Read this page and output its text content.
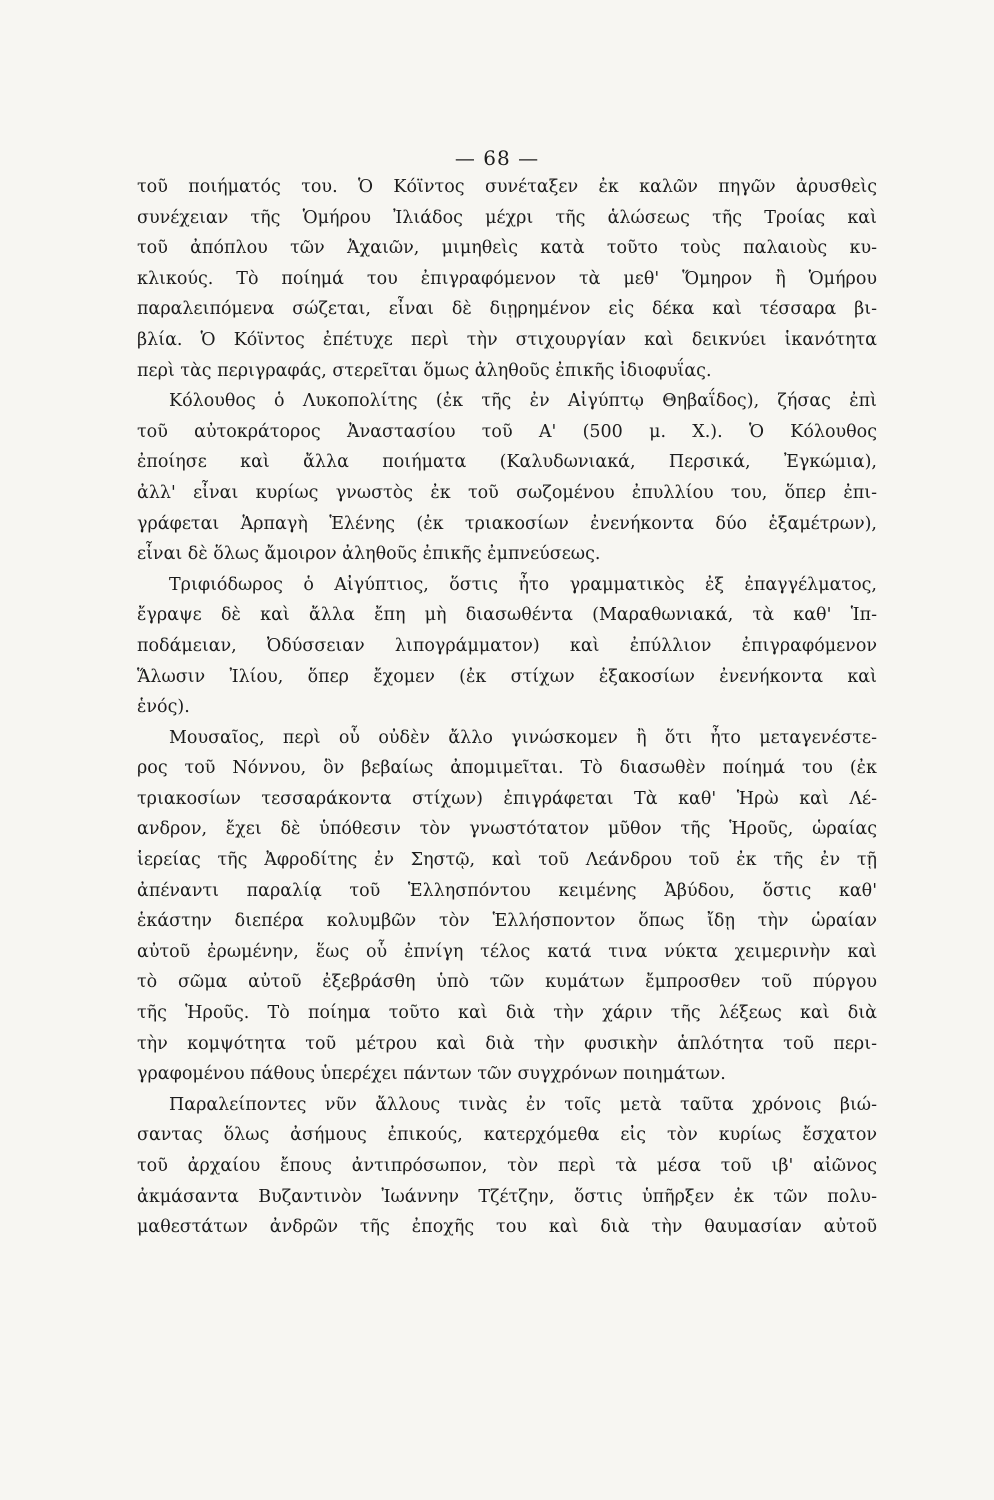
— 68 —
τοῦ ποιήματός του. Ὁ Κόϊντος συνέταξεν ἐκ καλῶν πηγῶν ἀρυσθεὶς
συνέχειαν τῆς Ὁμήρου Ἰλιάδος μέχρι τῆς ἁλώσεως τῆς Τροίας καὶ
τοῦ ἀπόπλου τῶν Ἀχαιῶν, μιμηθεὶς κατὰ τοῦτο τοὺς παλαιοὺς κυ-
κλικούς. Τὸ ποίημά του ἐπιγραφόμενον τὰ μεθ' Ὅμηρον ἢ Ὁμήρου
παραλειπόμενα σώζεται, εἶναι δὲ διῃρημένον εἰς δέκα καὶ τέσσαρα βι-
βλία. Ὁ Κόϊντος ἐπέτυχε περὶ τὴν στιχουργίαν καὶ δεικνύει ἱκανότητα
περὶ τὰς περιγραφάς, στερεῖται ὅμως ἀληθοῦς ἐπικῆς ἰδιοφυΐας.
Κόλουθος ὁ Λυκοπολίτης (ἐκ τῆς ἐν Αἰγύπτῳ Θηβαΐδος), ζήσας ἐπὶ
τοῦ αὐτοκράτορος Ἀναστασίου τοῦ Α' (500 μ. Χ.). Ὁ Κόλουθος
ἐποίησε καὶ ἄλλα ποιήματα (Καλυδωνιακά, Περσικά, Ἐγκώμια),
ἀλλ' εἶναι κυρίως γνωστὸς ἐκ τοῦ σωζομένου ἐπυλλίου του, ὅπερ ἐπι-
γράφεται Ἁρπαγὴ Ἑλένης (ἐκ τριακοσίων ἐνενήκοντα δύο ἑξαμέτρων),
εἶναι δὲ ὅλως ἄμοιρον ἀληθοῦς ἐπικῆς ἐμπνεύσεως.
Τριφιόδωρος ὁ Αἰγύπτιος, ὅστις ἦτο γραμματικὸς ἐξ ἐπαγγέλματος,
ἔγραψε δὲ καὶ ἄλλα ἔπη μὴ διασωθέντα (Μαραθωνιακά, τὰ καθ' Ἱπ-
ποδάμειαν, Ὀδύσσειαν λιπογράμματον) καὶ ἐπύλλιον ἐπιγραφόμενον
Ἅλωσιν Ἰλίου, ὅπερ ἔχομεν (ἐκ στίχων ἑξακοσίων ἐνενήκοντα καὶ
ἑνός).
Μουσαῖος, περὶ οὗ οὐδὲν ἄλλο γινώσκομεν ἢ ὅτι ἦτο μεταγενέστε-
ρος τοῦ Νόννου, ὃν βεβαίως ἀπομιμεῖται. Τὸ διασωθὲν ποίημά του (ἐκ
τριακοσίων τεσσαράκοντα στίχων) ἐπιγράφεται Τὰ καθ' Ἡρὼ καὶ Λέ-
ανδρον, ἔχει δὲ ὑπόθεσιν τὸν γνωστότατον μῦθον τῆς Ἡροῦς, ὡραίας
ἱερείας τῆς Ἀφροδίτης ἐν Σηστῷ, καὶ τοῦ Λεάνδρου τοῦ ἐκ τῆς ἐν τῇ
ἀπέναντι παραλίᾳ τοῦ Ἑλλησπόντου κειμένης Ἀβύδου, ὅστις καθ'
ἑκάστην διεπέρα κολυμβῶν τὸν Ἑλλήσποντον ὅπως ἴδῃ τὴν ὡραίαν
αὐτοῦ ἐρωμένην, ἕως οὗ ἐπνίγη τέλος κατά τινα νύκτα χειμερινὴν καὶ
τὸ σῶμα αὐτοῦ ἐξεβράσθη ὑπὸ τῶν κυμάτων ἔμπροσθεν τοῦ πύργου
τῆς Ἡροῦς. Τὸ ποίημα τοῦτο καὶ διὰ τὴν χάριν τῆς λέξεως καὶ διὰ
τὴν κομψότητα τοῦ μέτρου καὶ διὰ τὴν φυσικὴν ἁπλότητα τοῦ περι-
γραφομένου πάθους ὑπερέχει πάντων τῶν συγχρόνων ποιημάτων.
Παραλείποντες νῦν ἄλλους τινὰς ἐν τοῖς μετὰ ταῦτα χρόνοις βιώ-
σαντας ὅλως ἀσήμους ἐπικούς, κατερχόμεθα εἰς τὸν κυρίως ἔσχατον
τοῦ ἀρχαίου ἔπους ἀντιπρόσωπον, τὸν περὶ τὰ μέσα τοῦ ιβ' αἰῶνος
ἀκμάσαντα Βυζαντινὸν Ἰωάννην Τζέτζην, ὅστις ὑπῆρξεν ἐκ τῶν πολυ-
μαθεστάτων ἀνδρῶν τῆς ἐποχῆς του καὶ διὰ τὴν θαυμασίαν αὐτοῦ
